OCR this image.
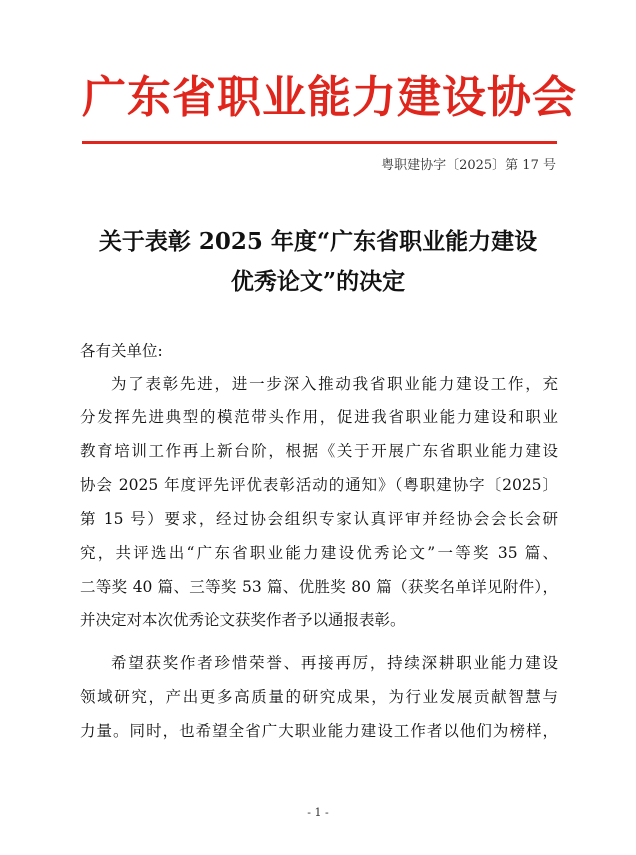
广东省职业能力建设协会
粤职建协字〔2025〕第 17 号
关于表彰 2025 年度“广东省职业能力建设
优秀论文”的决定
各有关单位:
为了表彰先进，进一步深入推动我省职业能力建设工作，充
分发挥先进典型的模范带头作用，促进我省职业能力建设和职业
教育培训工作再上新台阶，根据《关于开展广东省职业能力建设
协会 2025 年度评先评优表彰活动的通知》（粤职建协字〔2025〕
第 15 号）要求，经过协会组织专家认真评审并经协会会长会研
究，共评选出“广东省职业能力建设优秀论文”一等奖 35 篇、
二等奖 40 篇、三等奖 53 篇、优胜奖 80 篇（获奖名单详见附件），
并决定对本次优秀论文获奖作者予以通报表彰。
希望获奖作者珍惜荣誉、再接再厉，持续深耕职业能力建设
领域研究，产出更多高质量的研究成果，为行业发展贡献智慧与
力量。同时，也希望全省广大职业能力建设工作者以他们为榜样，
- 1 -
